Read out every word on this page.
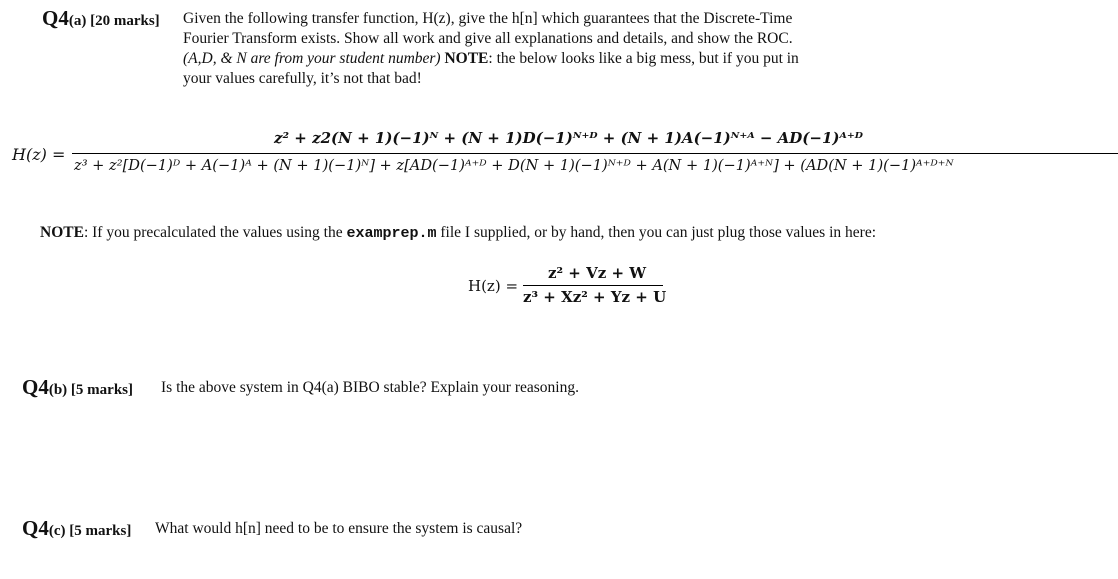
Q4(a) [20 marks] Given the following transfer function, H(z), give the h[n] which guarantees that the Discrete-Time
Fourier Transform exists. Show all work and give all explanations and details, and show the ROC.
(A,D, & N are from your student number) NOTE: the below looks like a big mess, but if you put in
your values carefully, it’s not that bad!
H(z) =
z² + z2(N + 1)(−1)ᴺ + (N + 1)D(−1)ᴺ⁺ᴰ + (N + 1)A(−1)ᴺ⁺ᴬ − AD(−1)ᴬ⁺ᴰ
z³ + z²[D(−1)ᴰ + A(−1)ᴬ + (N + 1)(−1)ᴺ] + z[AD(−1)ᴬ⁺ᴰ + D(N + 1)(−1)ᴺ⁺ᴰ + A(N + 1)(−1)ᴬ⁺ᴺ] + (AD(N + 1)(−1)ᴬ⁺ᴰ⁺ᴺ
NOTE: If you precalculated the values using the examprep.m file I supplied, or by hand, then you can just plug those values in here:
H(z) =
z² + Vz + W
z³ + Xz² + Yz + U
Q4(b) [5 marks] Is the above system in Q4(a) BIBO stable? Explain your reasoning.
Q4(c) [5 marks] What would h[n] need to be to ensure the system is causal?
